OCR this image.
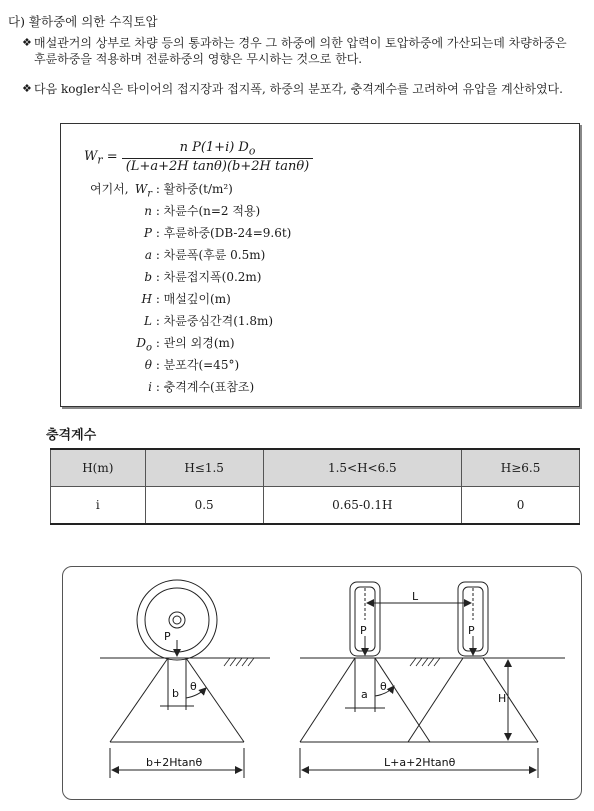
다) 활하중에 의한 수직토압
❖ 매설관거의 상부로 차량 등의 통과하는 경우 그 하중에 의한 압력이 토압하중에 가산되는데 차량하중은 후륜하중을 적용하며 전륜하중의 영향은 무시하는 것으로 한다.
❖ 다음 kogler식은 타이어의 접지장과 접지폭, 하중의 분포각, 충격계수를 고려하여 유압을 계산하였다.
$W_r = \frac{n P(1+i) D_o}{\text{(L+a+2H tanθ)(b+2H tanθ)}}$
여기서, $W_r$ : 활하중(t/m²)
n : 차륜수(n=2 적용)
P : 후륜하중(DB-24=9.6t)
a : 차륜폭(후륜 0.5m)
b : 차륜접지폭(0.2m)
H : 매설깊이(m)
L : 차륜중심간격(1.8m)
$D_o$ : 관의 외경(m)
θ : 분포각(=45°)
i : 충격계수(표참조)
충격계수
H(m)	H≤1.5	1.5<H<6.5	H≥6.5
i	0.5	0.65-0.1H	0
P
b
θ
b+2Htanθ
L
P	P
a
θ
H
L+a+2Htanθ
